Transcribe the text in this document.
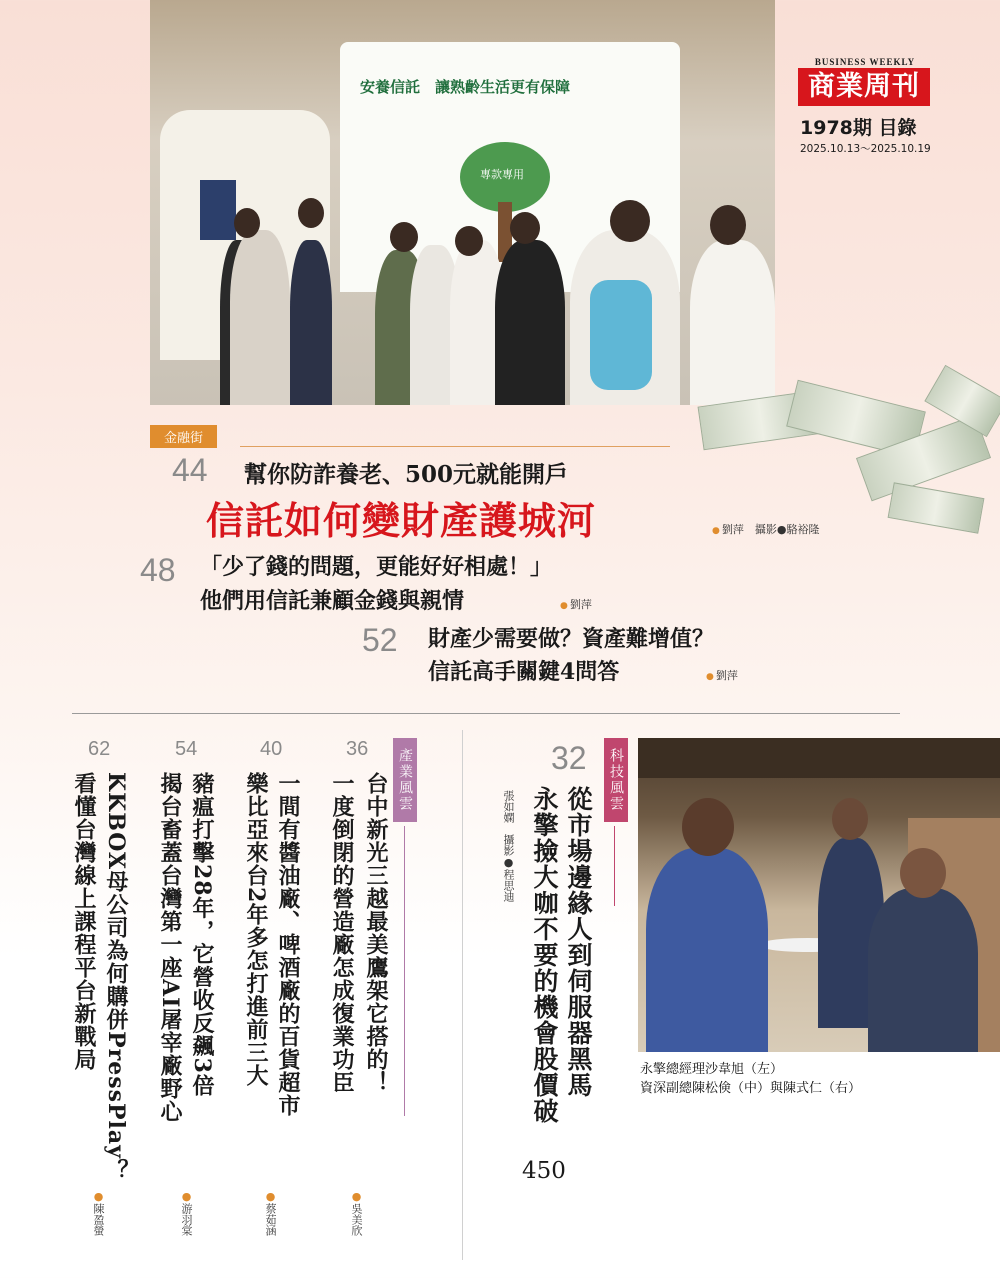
安養信託　讓熟齡生活更有保障
專款專用
BUSINESS WEEKLY
商業周刊
1978期 目錄
2025.10.13～2025.10.19
金融街
44 幫你防詐養老、500元就能開戶
信託如何變財產護城河	● 劉萍　攝影●駱裕隆
48 「少了錢的問題，更能好好相處！」
他們用信託兼顧金錢與親情	● 劉萍
52 財產少需要做？資產難增值？
信託高手關鍵4問答	● 劉萍
科技風雲
32
從市場邊緣人到伺服器黑馬
永擎撿大咖不要的機會股價破
450
張如嫻　攝影●程思迪
永擎總經理沙韋旭（左）
資深副總陳松倹（中）與陳式仁（右）
產業風雲
36
台中新光三越最美鷹架它搭的！
一度倒閉的營造廠怎成復業功臣
●吳美欣
40
一間有醬油廠、啤酒廠的百貨超市
樂比亞來台2年多怎打進前三大
●蔡茹涵
54
豬瘟打擊28年，它營收反飆3倍
揭台畜蓋台灣第一座AI屠宰廠野心
●游羽棠
62
KKBOX母公司為何購併PressPlay？
看懂台灣線上課程平台新戰局
●陳盈螢
